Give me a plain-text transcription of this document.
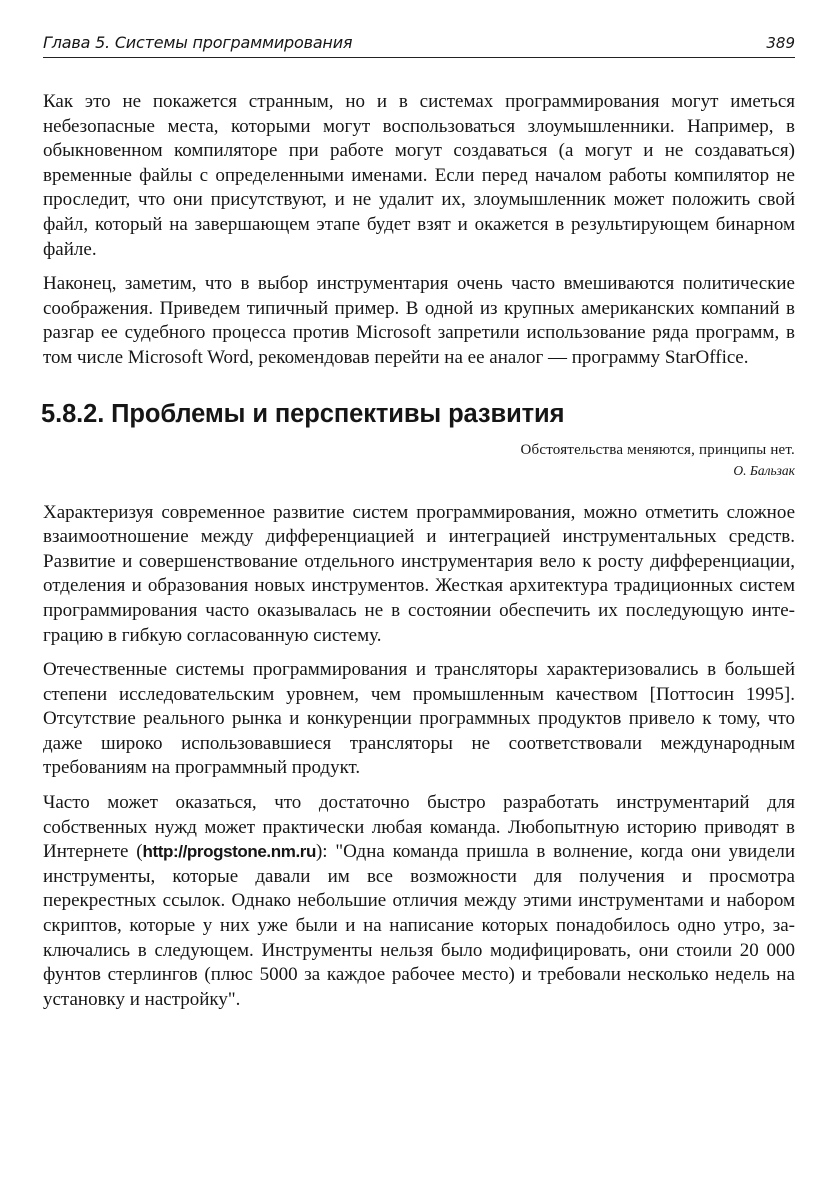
Глава 5. Системы программирования	389

Как это не покажется странным, но и в системах программирования могут иметься небезопасные места, которыми могут воспользоваться злоумышленники. Например, в обыкновенном компиляторе при работе могут создаваться (а могут и не создаваться) временные файлы с определенными именами. Если перед началом работы компилятор не проследит, что они присутствуют, и не удалит их, злоумышленник может положить свой файл, который на завершающем этапе будет взят и окажется в результирующем бинарном файле.

Наконец, заметим, что в выбор инструментария очень часто вмешиваются политические соображения. Приведем типичный пример. В одной из крупных американских компаний в разгар ее судебного процесса против Microsoft запретили использование ряда программ, в том числе Microsoft Word, рекомендовав перейти на ее аналог — программу StarOffice.

5.8.2. Проблемы и перспективы развития
Обстоятельства меняются, принципы нет.
О. Бальзак

Характеризуя современное развитие систем программирования, можно отметить сложное взаимоотношение между дифференциацией и интеграцией инструментальных средств. Развитие и совершенствование отдельного инструментария вело к росту дифференциации, отделения и образования новых инструментов. Жесткая архитектура традиционных систем программирования часто оказывалась не в состоянии обеспечить их последующую интеграцию в гибкую согласованную систему.

Отечественные системы программирования и трансляторы характеризовались в большей степени исследовательским уровнем, чем промышленным качеством [Поттосин 1995]. Отсутствие реального рынка и конкуренции программных продуктов привело к тому, что даже широко использовавшиеся трансляторы не соответствовали международным требованиям на программный продукт.

Часто может оказаться, что достаточно быстро разработать инструментарий для собственных нужд может практически любая команда. Любопытную историю приводят в Интернете (http://progstone.nm.ru): "Одна команда пришла в волнение, когда они увидели инструменты, которые давали им все возможности для получения и просмотра перекрестных ссылок. Однако небольшие отличия между этими инструментами и набором скриптов, которые у них уже были и на написание которых понадобилось одно утро, заключались в следующем. Инструменты нельзя было модифицировать, они стоили 20 000 фунтов стерлингов (плюс 5000 за каждое рабочее место) и требовали несколько недель на установку и настройку".
